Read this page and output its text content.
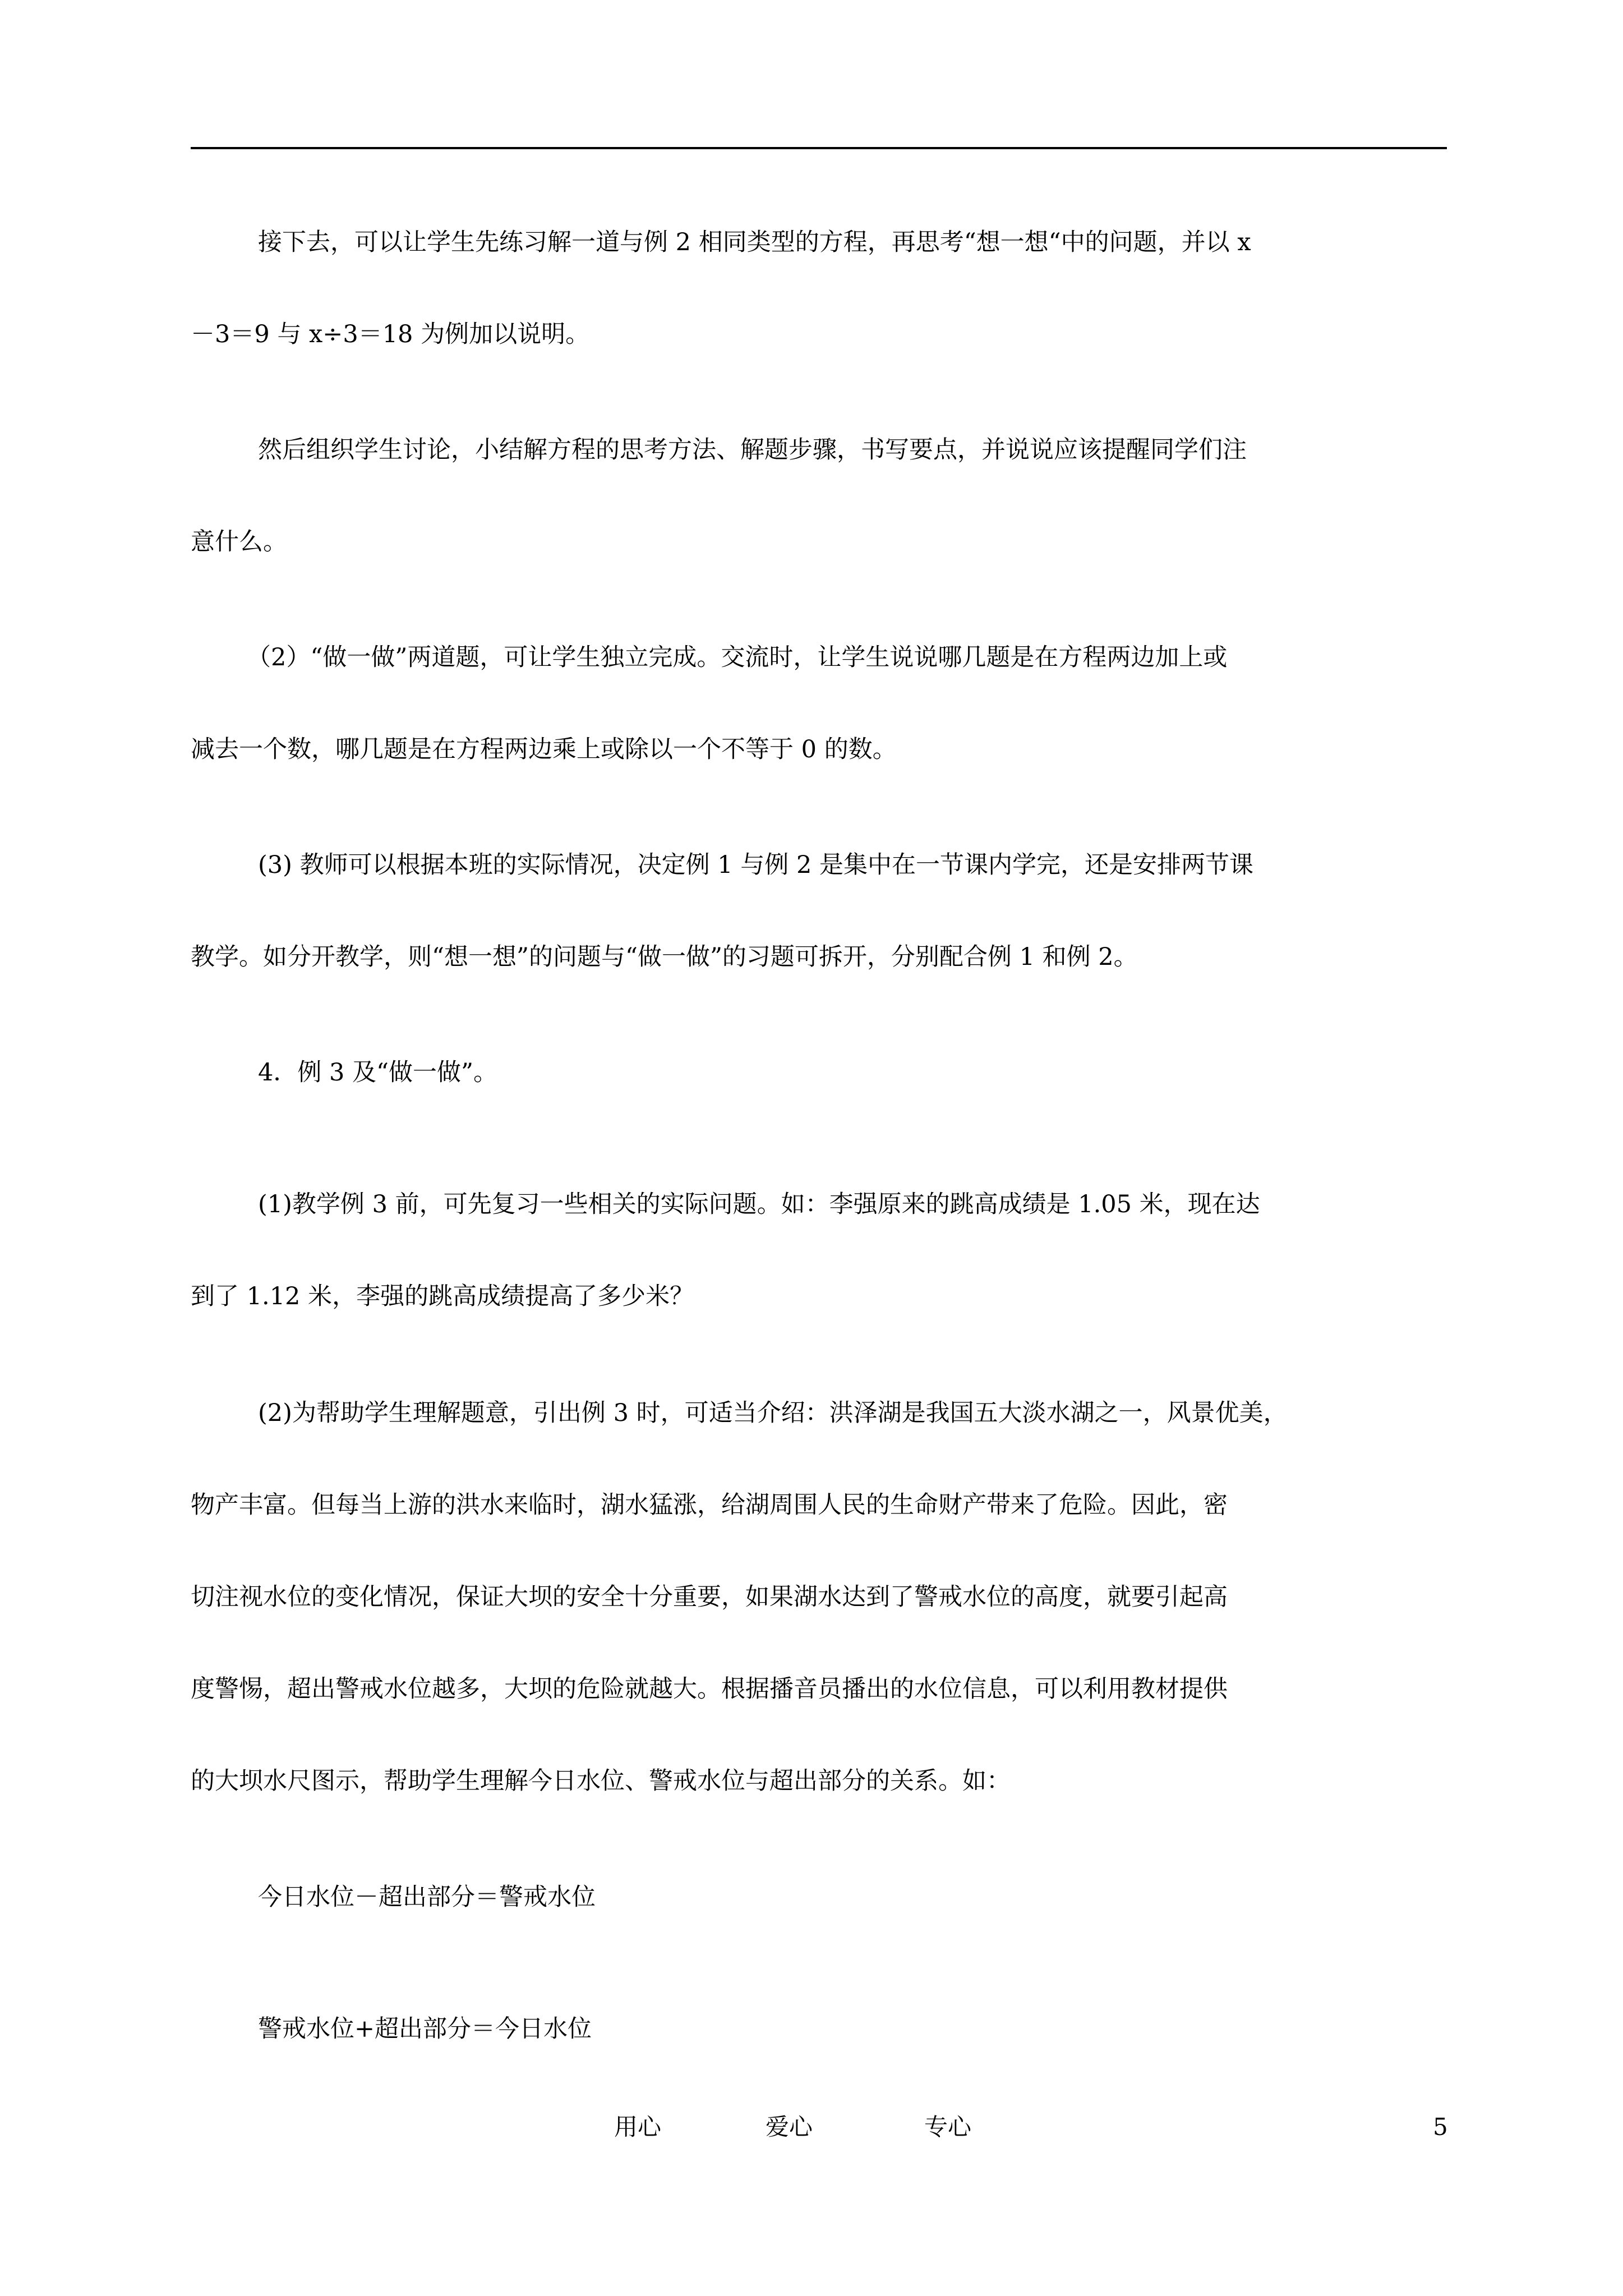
接下去，可以让学生先练习解一道与例 2 相同类型的方程，再思考“想一想“中的问题，并以 x
－3＝9 与 x÷3＝18 为例加以说明。
然后组织学生讨论，小结解方程的思考方法、解题步骤，书写要点，并说说应该提醒同学们注
意什么。
（2）“做一做”两道题，可让学生独立完成。交流时，让学生说说哪几题是在方程两边加上或
减去一个数，哪几题是在方程两边乘上或除以一个不等于 0 的数。
(3) 教师可以根据本班的实际情况，决定例 1 与例 2 是集中在一节课内学完，还是安排两节课
教学。如分开教学，则“想一想”的问题与“做一做”的习题可拆开，分别配合例 1 和例 2。
4．例 3 及“做一做”。
(1)教学例 3 前，可先复习一些相关的实际问题。如：李强原来的跳高成绩是 1.05 米，现在达
到了 1.12 米，李强的跳高成绩提高了多少米？
(2)为帮助学生理解题意，引出例 3 时，可适当介绍：洪泽湖是我国五大淡水湖之一，风景优美，
物产丰富。但每当上游的洪水来临时，湖水猛涨，给湖周围人民的生命财产带来了危险。因此，密
切注视水位的变化情况，保证大坝的安全十分重要，如果湖水达到了警戒水位的高度，就要引起高
度警惕，超出警戒水位越多，大坝的危险就越大。根据播音员播出的水位信息，可以利用教材提供
的大坝水尺图示，帮助学生理解今日水位、警戒水位与超出部分的关系。如：
今日水位－超出部分＝警戒水位
警戒水位+超出部分＝今日水位
用心	爱心	专心	5
